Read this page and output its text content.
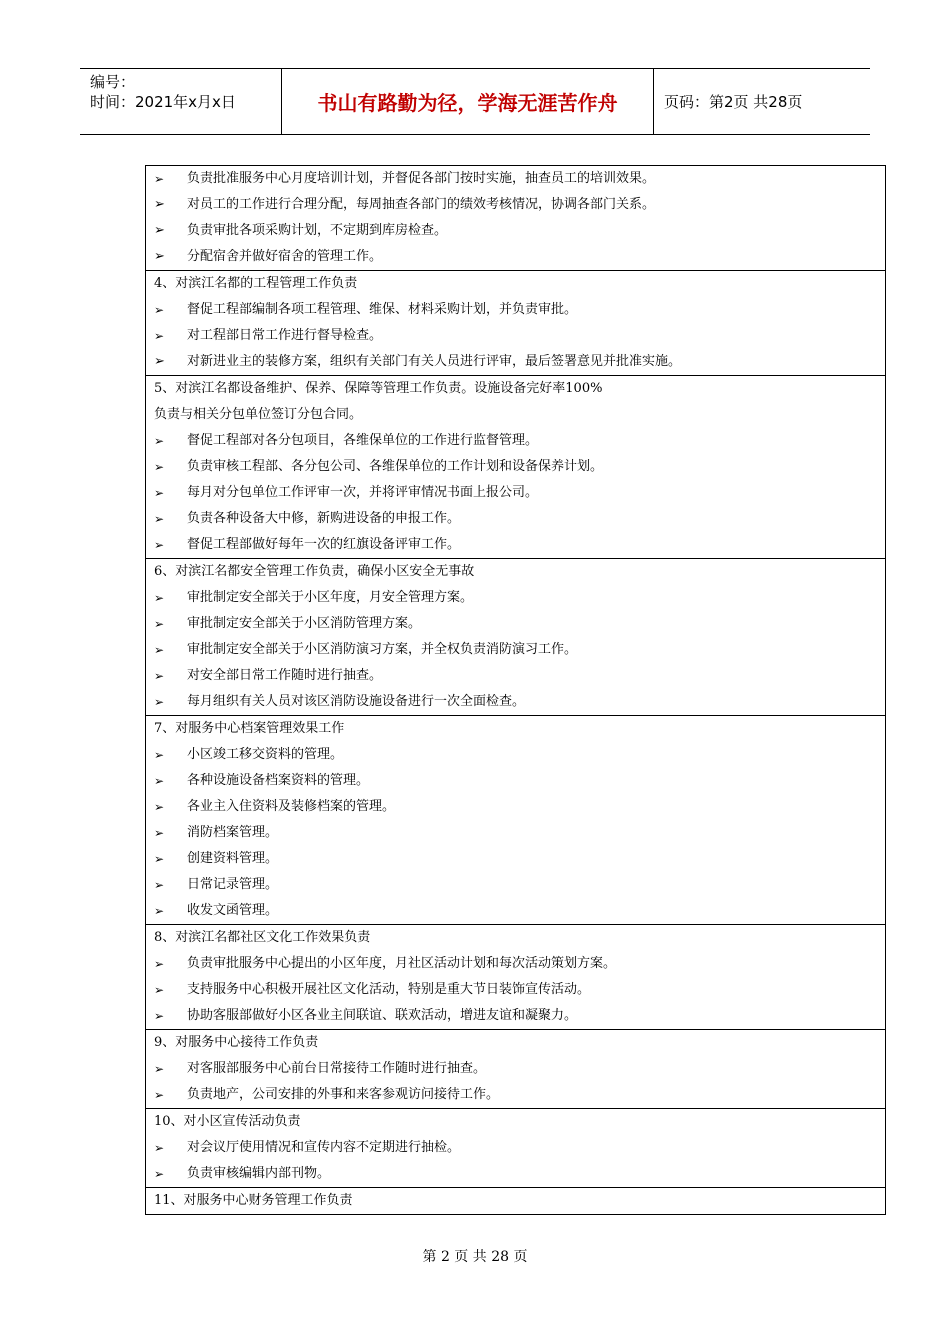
编号：
时间：2021年x月x日	书山有路勤为径，学海无涯苦作舟	页码：第2页 共28页
➢	负责批准服务中心月度培训计划，并督促各部门按时实施，抽查员工的培训效果。
➢	对员工的工作进行合理分配，每周抽查各部门的绩效考核情况，协调各部门关系。
➢	负责审批各项采购计划，不定期到库房检查。
➢	分配宿舍并做好宿舍的管理工作。
4、对滨江名都的工程管理工作负责
➢	督促工程部编制各项工程管理、维保、材料采购计划，并负责审批。
➢	对工程部日常工作进行督导检查。
➢	对新进业主的装修方案，组织有关部门有关人员进行评审，最后签署意见并批准实施。
5、对滨江名都设备维护、保养、保障等管理工作负责。设施设备完好率100%
负责与相关分包单位签订分包合同。
➢	督促工程部对各分包项目，各维保单位的工作进行监督管理。
➢	负责审核工程部、各分包公司、各维保单位的工作计划和设备保养计划。
➢	每月对分包单位工作评审一次，并将评审情况书面上报公司。
➢	负责各种设备大中修，新购进设备的申报工作。
➢	督促工程部做好每年一次的红旗设备评审工作。
6、对滨江名都安全管理工作负责，确保小区安全无事故
➢	审批制定安全部关于小区年度，月安全管理方案。
➢	审批制定安全部关于小区消防管理方案。
➢	审批制定安全部关于小区消防演习方案，并全权负责消防演习工作。
➢	对安全部日常工作随时进行抽查。
➢	每月组织有关人员对该区消防设施设备进行一次全面检查。
7、对服务中心档案管理效果工作
➢	小区竣工移交资料的管理。
➢	各种设施设备档案资料的管理。
➢	各业主入住资料及装修档案的管理。
➢	消防档案管理。
➢	创建资料管理。
➢	日常记录管理。
➢	收发文函管理。
8、对滨江名都社区文化工作效果负责
➢	负责审批服务中心提出的小区年度，月社区活动计划和每次活动策划方案。
➢	支持服务中心积极开展社区文化活动，特别是重大节日装饰宣传活动。
➢	协助客服部做好小区各业主间联谊、联欢活动，增进友谊和凝聚力。
9、对服务中心接待工作负责
➢	对客服部服务中心前台日常接待工作随时进行抽查。
➢	负责地产，公司安排的外事和来客参观访问接待工作。
10、对小区宣传活动负责
➢	对会议厅使用情况和宣传内容不定期进行抽检。
➢	负责审核编辑内部刊物。
11、对服务中心财务管理工作负责
第 2 页 共 28 页
